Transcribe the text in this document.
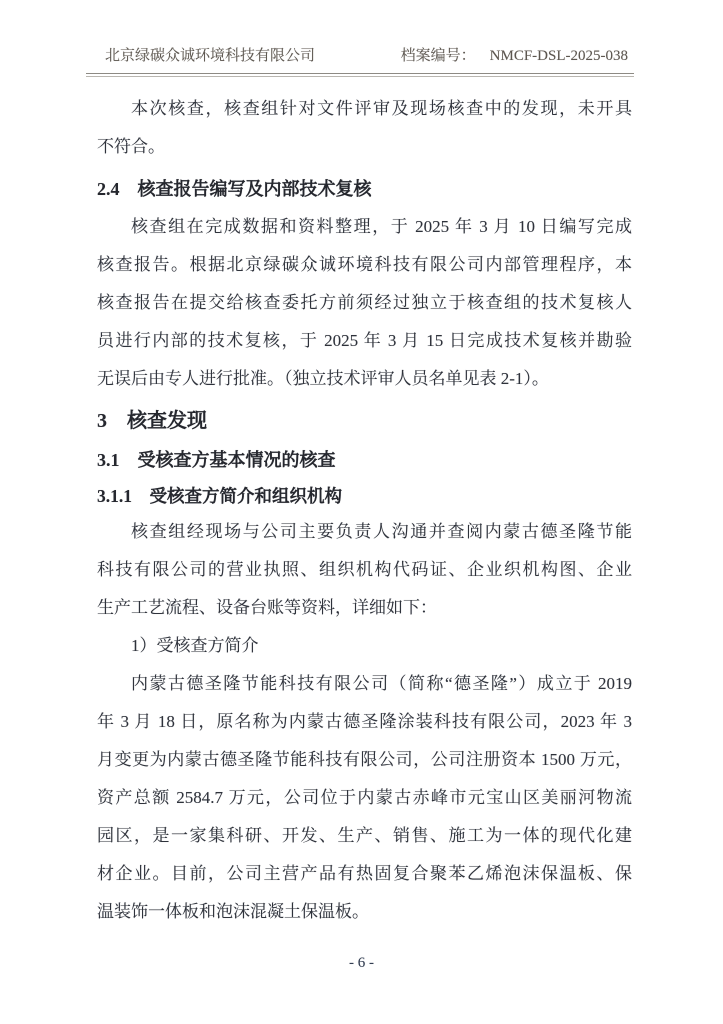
北京绿碳众诚环境科技有限公司	档案编号： NMCF-DSL-2025-038
本次核查，核查组针对文件评审及现场核查中的发现，未开具
不符合。
2.4　核查报告编写及内部技术复核
核查组在完成数据和资料整理，于 2025 年 3 月 10 日编写完成
核查报告。根据北京绿碳众诚环境科技有限公司内部管理程序，本
核查报告在提交给核查委托方前须经过独立于核查组的技术复核人
员进行内部的技术复核，于 2025 年 3 月 15 日完成技术复核并勘验
无误后由专人进行批准。（独立技术评审人员名单见表 2-1）。
3　核查发现
3.1　受核查方基本情况的核查
3.1.1　受核查方简介和组织机构
核查组经现场与公司主要负责人沟通并查阅内蒙古德圣隆节能
科技有限公司的营业执照、组织机构代码证、企业织机构图、企业
生产工艺流程、设备台账等资料，详细如下：
1）受核查方简介
内蒙古德圣隆节能科技有限公司（简称“德圣隆”）成立于 2019
年 3 月 18 日，原名称为内蒙古德圣隆涂装科技有限公司，2023 年 3
月变更为内蒙古德圣隆节能科技有限公司，公司注册资本 1500 万元，
资产总额 2584.7 万元，公司位于内蒙古赤峰市元宝山区美丽河物流
园区，是一家集科研、开发、生产、销售、施工为一体的现代化建
材企业。目前，公司主营产品有热固复合聚苯乙烯泡沫保温板、保
温装饰一体板和泡沫混凝土保温板。
- 6 -
